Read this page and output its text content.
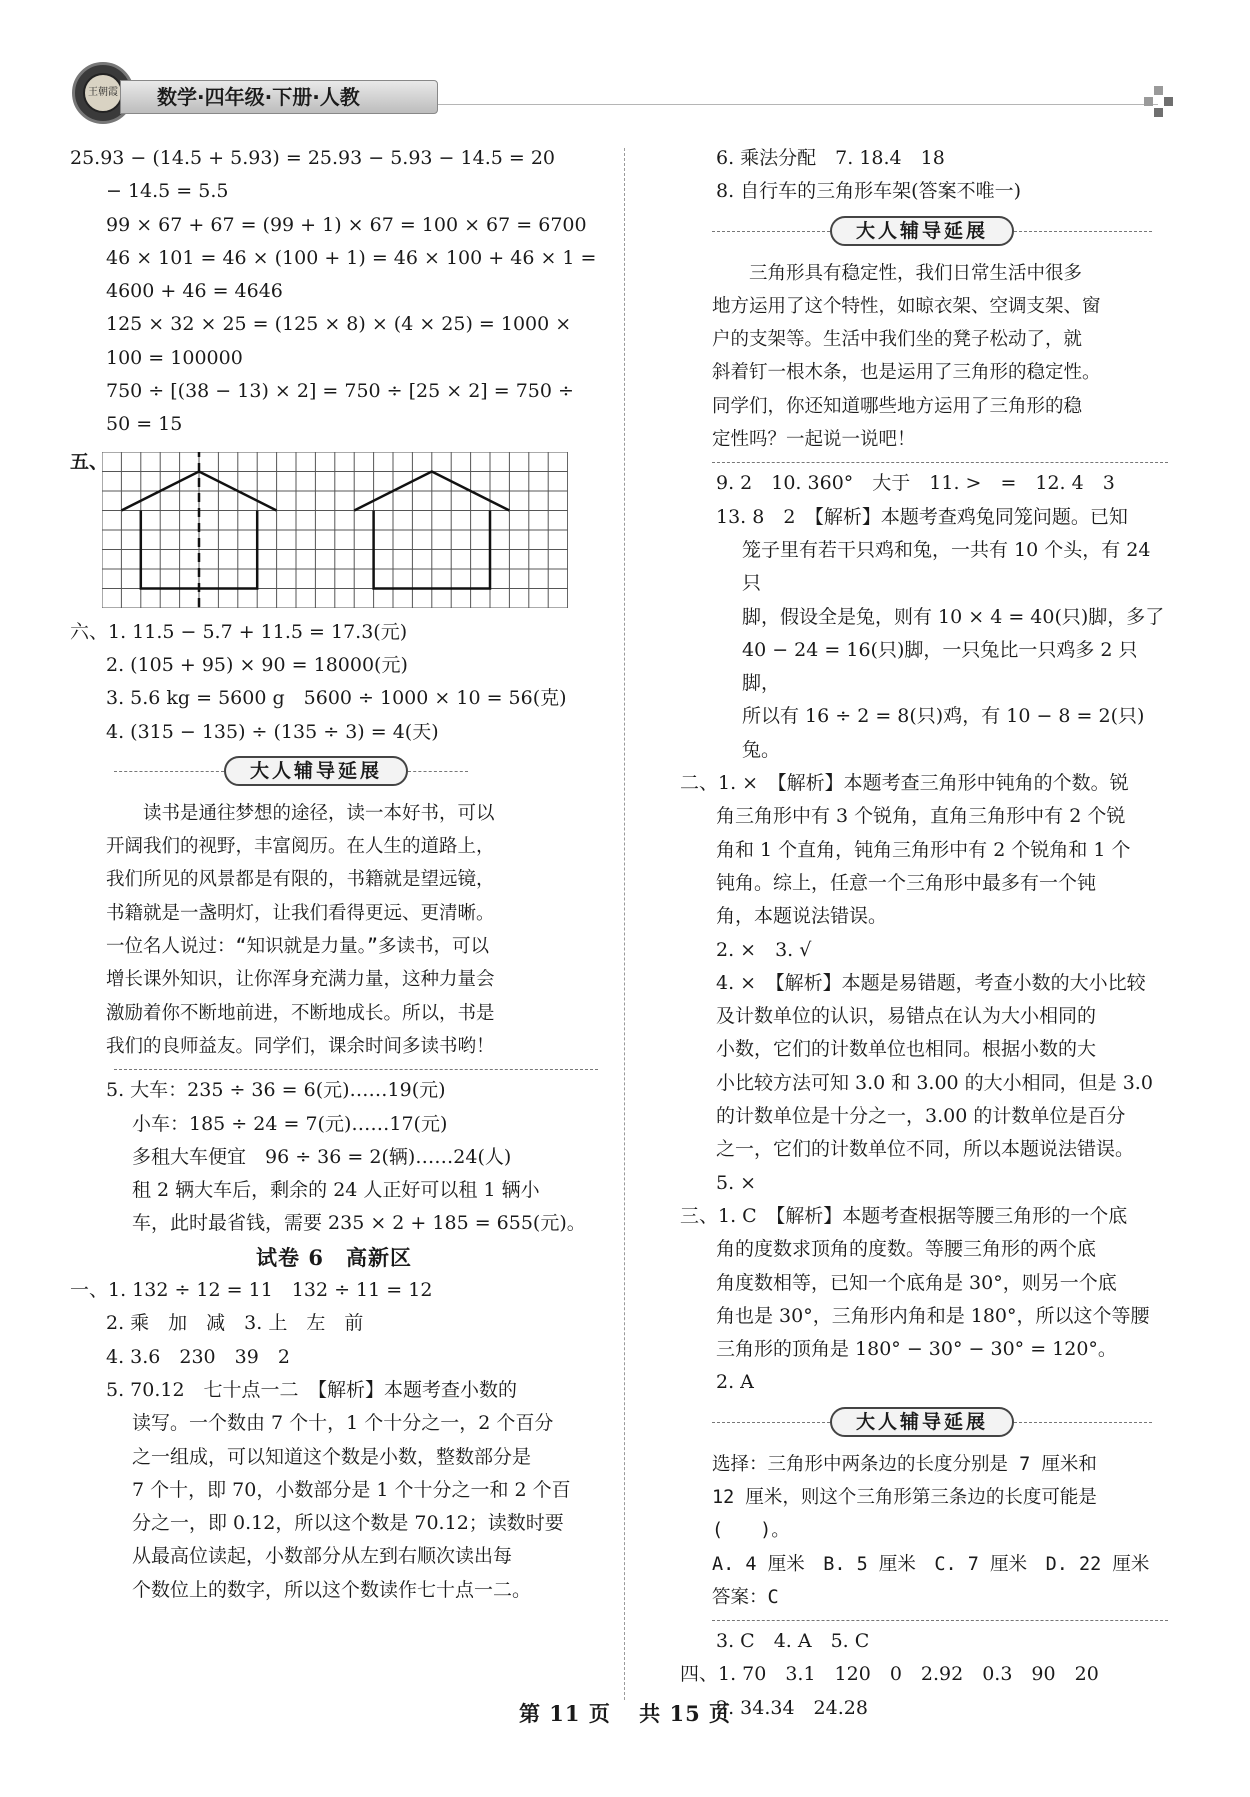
王朝霞	数学·四年级·下册·人教

25.93 − (14.5 + 5.93) = 25.93 − 5.93 − 14.5 = 20

− 14.5 = 5.5

99 × 67 + 67 = (99 + 1) × 67 = 100 × 67 = 6700

46 × 101 = 46 × (100 + 1) = 46 × 100 + 46 × 1 =

4600 + 46 = 4646

125 × 32 × 25 = (125 × 8) × (4 × 25) = 1000 ×

100 = 100000

750 ÷ [(38 − 13) × 2] = 750 ÷ [25 × 2] = 750 ÷

50 = 15

五、

六、1. 11.5 − 5.7 + 11.5 = 17.3(元)

2. (105 + 95) × 90 = 18000(元)

3. 5.6 kg = 5600 g　5600 ÷ 1000 × 10 = 56(克)

4. (315 − 135) ÷ (135 ÷ 3) = 4(天)

大人辅导延展

读书是通往梦想的途径，读一本好书，可以

开阔我们的视野，丰富阅历。在人生的道路上，

我们所见的风景都是有限的，书籍就是望远镜，

书籍就是一盏明灯，让我们看得更远、更清晰。

一位名人说过：“知识就是力量。”多读书，可以

增长课外知识，让你浑身充满力量，这种力量会

激励着你不断地前进，不断地成长。所以，书是

我们的良师益友。同学们，课余时间多读书哟！

5. 大车：235 ÷ 36 = 6(元)……19(元)

小车：185 ÷ 24 = 7(元)……17(元)

多租大车便宜　96 ÷ 36 = 2(辆)……24(人)

租 2 辆大车后，剩余的 24 人正好可以租 1 辆小

车，此时最省钱，需要 235 × 2 + 185 = 655(元)。

试卷 6　高新区

一、1. 132 ÷ 12 = 11　132 ÷ 11 = 12

2. 乘　加　减　3. 上　左　前

4. 3.6　230　39　2

5. 70.12　七十点一二　【解析】本题考查小数的

读写。一个数由 7 个十，1 个十分之一，2 个百分

之一组成，可以知道这个数是小数，整数部分是

7 个十，即 70，小数部分是 1 个十分之一和 2 个百

分之一，即 0.12，所以这个数是 70.12；读数时要

从最高位读起，小数部分从左到右顺次读出每

个数位上的数字，所以这个数读作七十点一二。

6. 乘法分配　7. 18.4　18

8. 自行车的三角形车架(答案不唯一)

大人辅导延展

三角形具有稳定性，我们日常生活中很多

地方运用了这个特性，如晾衣架、空调支架、窗

户的支架等。生活中我们坐的凳子松动了，就

斜着钉一根木条，也是运用了三角形的稳定性。

同学们，你还知道哪些地方运用了三角形的稳

定性吗？一起说一说吧！

9. 2　10. 360°　大于　11. >　=　12. 4　3

13. 8　2　【解析】本题考查鸡兔同笼问题。已知

笼子里有若干只鸡和兔，一共有 10 个头，有 24 只

脚，假设全是兔，则有 10 × 4 = 40(只)脚，多了

40 − 24 = 16(只)脚，一只兔比一只鸡多 2 只脚，

所以有 16 ÷ 2 = 8(只)鸡，有 10 − 8 = 2(只)兔。

二、1. ×　【解析】本题考查三角形中钝角的个数。锐

角三角形中有 3 个锐角，直角三角形中有 2 个锐

角和 1 个直角，钝角三角形中有 2 个锐角和 1 个

钝角。综上，任意一个三角形中最多有一个钝

角，本题说法错误。

2. ×　3. √

4. ×　【解析】本题是易错题，考查小数的大小比较

及计数单位的认识，易错点在认为大小相同的

小数，它们的计数单位也相同。根据小数的大

小比较方法可知 3.0 和 3.00 的大小相同，但是 3.0

的计数单位是十分之一，3.00 的计数单位是百分

之一，它们的计数单位不同，所以本题说法错误。

5. ×

三、1. C　【解析】本题考查根据等腰三角形的一个底

角的度数求顶角的度数。等腰三角形的两个底

角度数相等，已知一个底角是 30°，则另一个底

角也是 30°，三角形内角和是 180°，所以这个等腰

三角形的顶角是 180° − 30° − 30° = 120°。

2. A

大人辅导延展

选择：三角形中两条边的长度分别是 7 厘米和

12 厘米，则这个三角形第三条边的长度可能是

(　　)。

A. 4 厘米　B. 5 厘米　C. 7 厘米　D. 22 厘米

答案：C

3. C　4. A　5. C

四、1. 70　3.1　120　0　2.92　0.3　90　20

2. 34.34　24.28

第 11 页 共 15 页
